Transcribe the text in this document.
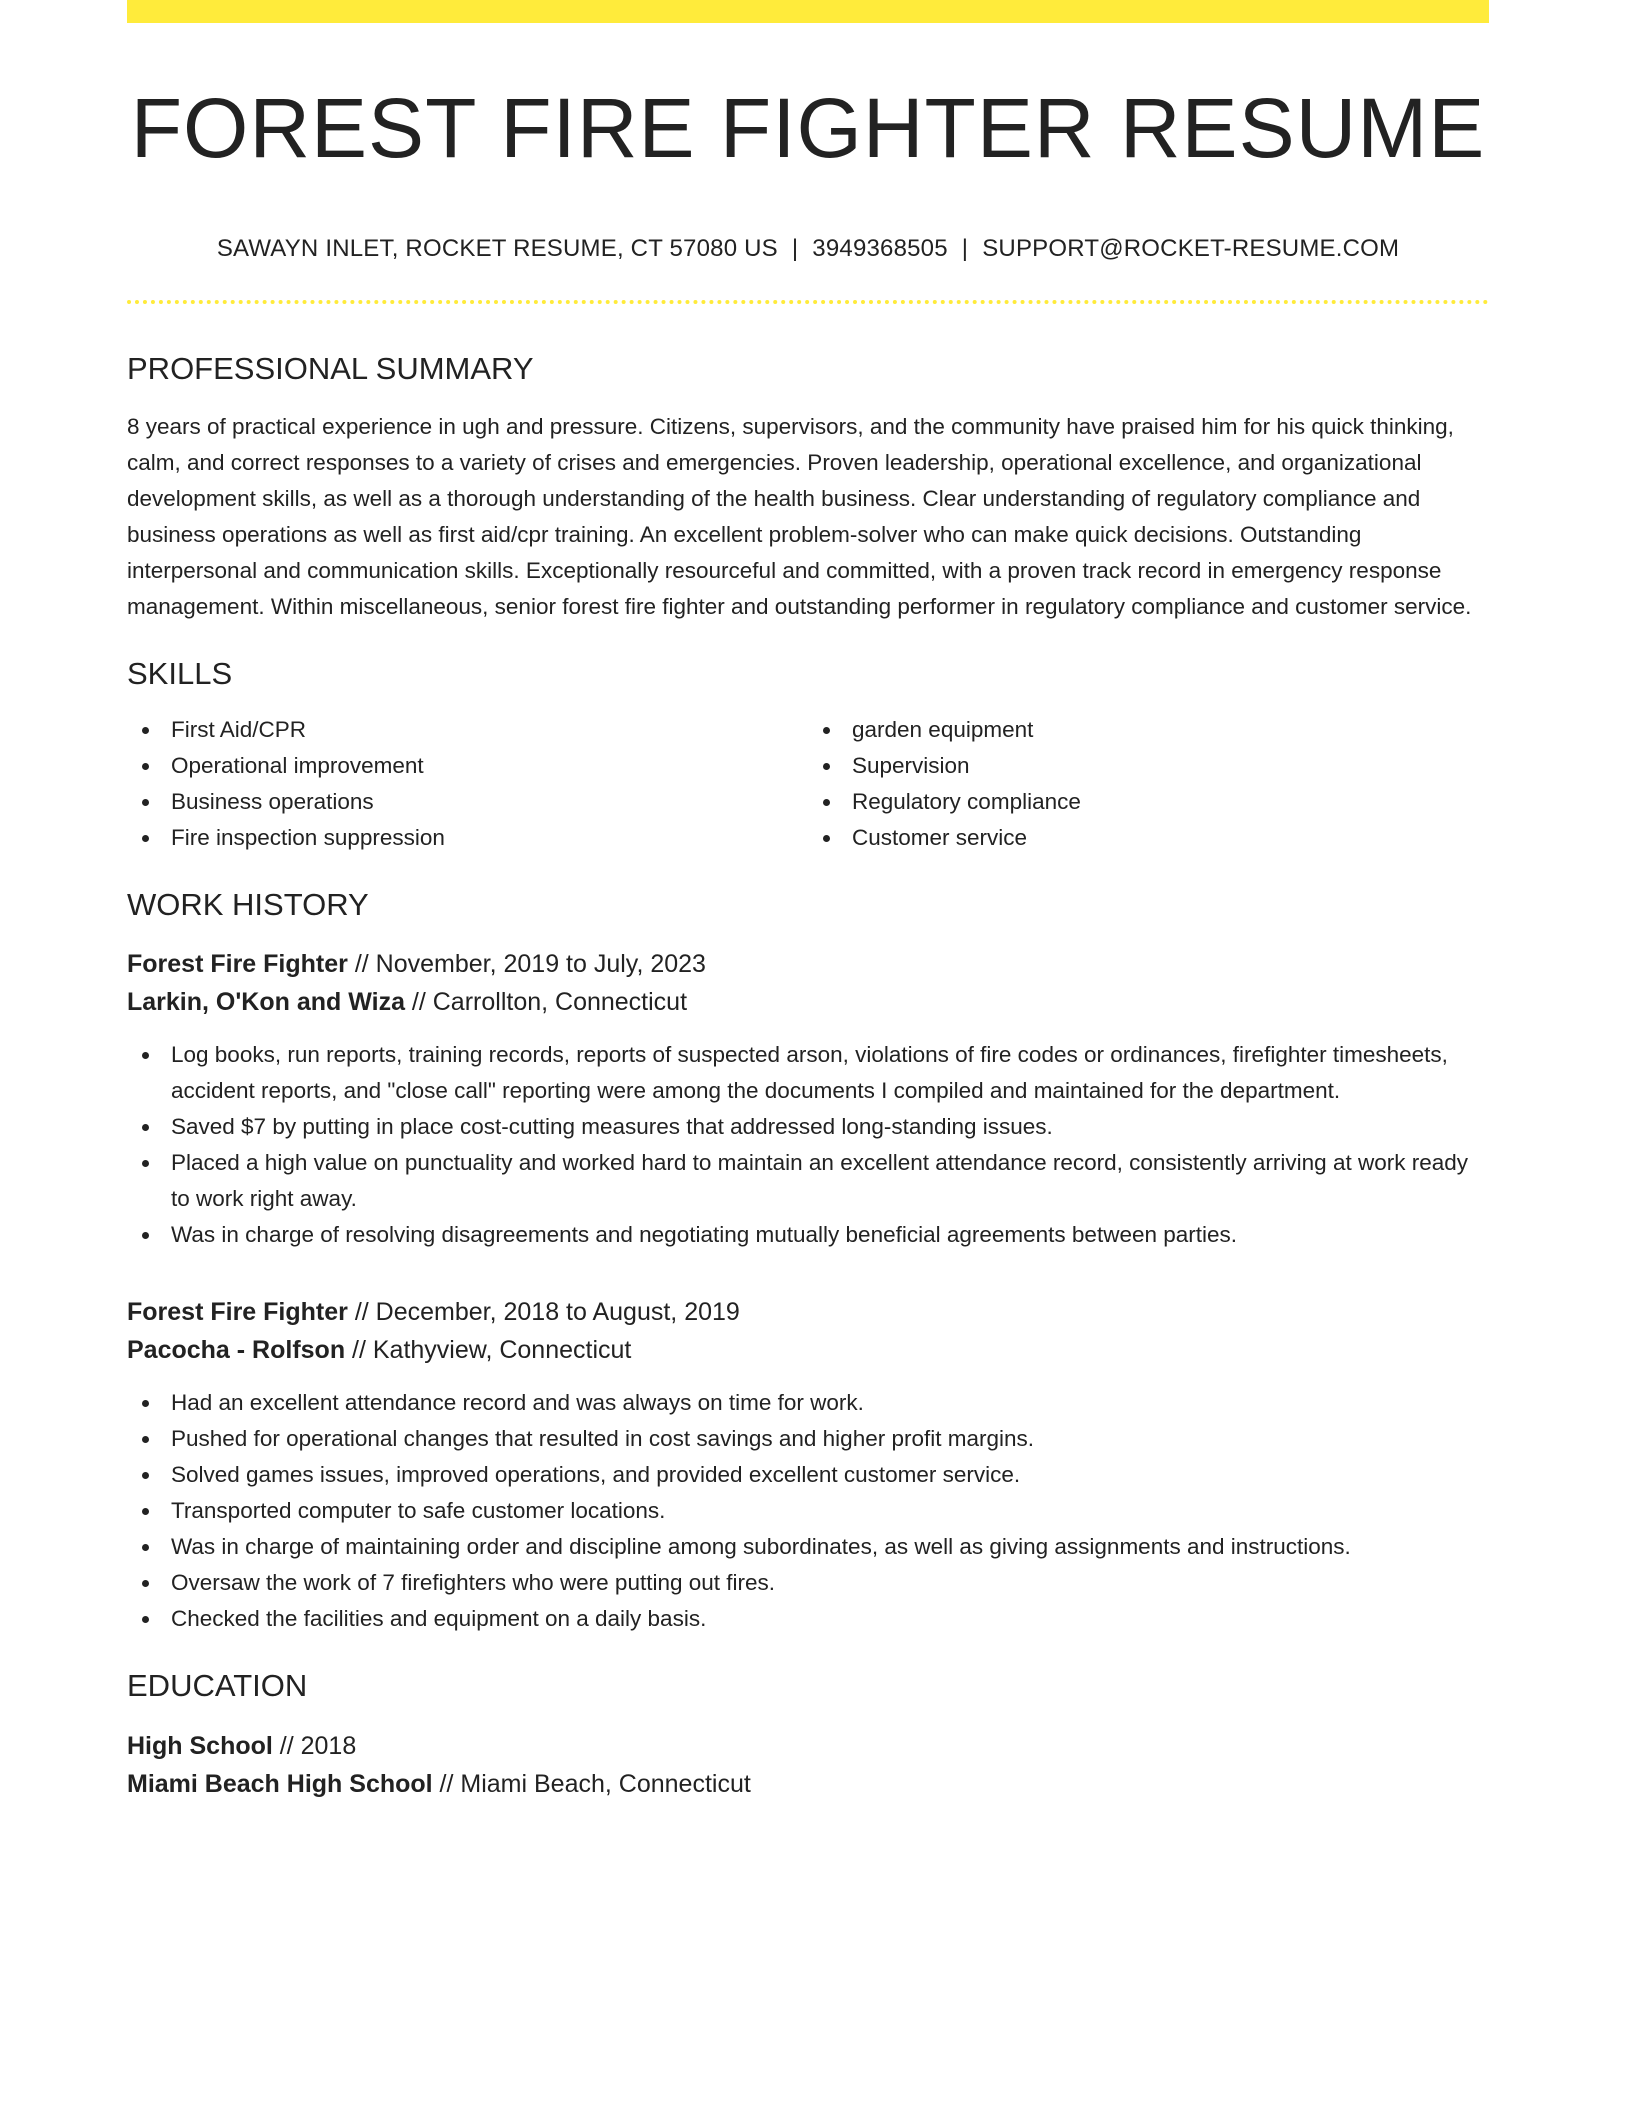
FOREST FIRE FIGHTER RESUME
SAWAYN INLET, ROCKET RESUME, CT 57080 US | 3949368505 | SUPPORT@ROCKET-RESUME.COM
PROFESSIONAL SUMMARY

8 years of practical experience in ugh and pressure. Citizens, supervisors, and the community have praised him for his quick thinking, calm, and correct responses to a variety of crises and emergencies. Proven leadership, operational excellence, and organizational development skills, as well as a thorough understanding of the health business. Clear understanding of regulatory compliance and business operations as well as first aid/cpr training. An excellent problem-solver who can make quick decisions. Outstanding interpersonal and communication skills. Exceptionally resourceful and committed, with a proven track record in emergency response management. Within miscellaneous, senior forest fire fighter and outstanding performer in regulatory compliance and customer service.

SKILLS
First Aid/CPR	garden equipment
Operational improvement	Supervision
Business operations	Regulatory compliance
Fire inspection suppression	Customer service
WORK HISTORY
Forest Fire Fighter // November, 2019 to July, 2023
Larkin, O'Kon and Wiza // Carrollton, Connecticut
Log books, run reports, training records, reports of suspected arson, violations of fire codes or ordinances, firefighter timesheets, accident reports, and "close call" reporting were among the documents I compiled and maintained for the department.
Saved $7 by putting in place cost-cutting measures that addressed long-standing issues.
Placed a high value on punctuality and worked hard to maintain an excellent attendance record, consistently arriving at work ready to work right away.
Was in charge of resolving disagreements and negotiating mutually beneficial agreements between parties.
Forest Fire Fighter // December, 2018 to August, 2019
Pacocha - Rolfson // Kathyview, Connecticut
Had an excellent attendance record and was always on time for work.
Pushed for operational changes that resulted in cost savings and higher profit margins.
Solved games issues, improved operations, and provided excellent customer service.
Transported computer to safe customer locations.
Was in charge of maintaining order and discipline among subordinates, as well as giving assignments and instructions.
Oversaw the work of 7 firefighters who were putting out fires.
Checked the facilities and equipment on a daily basis.
EDUCATION
High School // 2018
Miami Beach High School // Miami Beach, Connecticut
